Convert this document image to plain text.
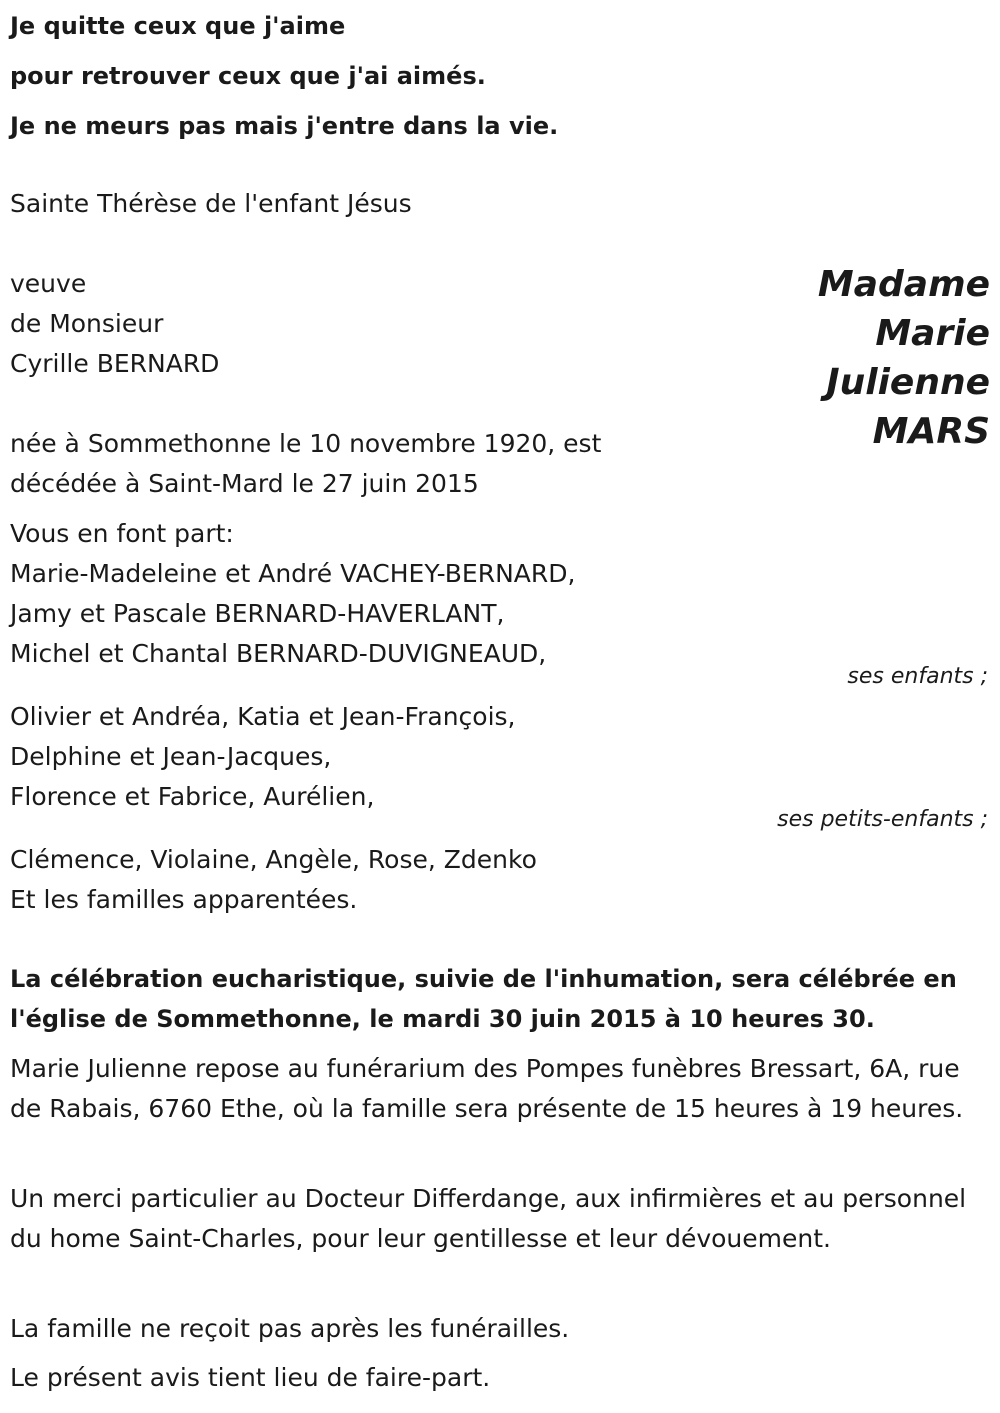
Je quitte ceux que j'aime
pour retrouver ceux que j'ai aimés.
Je ne meurs pas mais j'entre dans la vie.
Sainte Thérèse de l'enfant Jésus
veuve
de Monsieur
Cyrille BERNARD
Madame
Marie
Julienne
MARS
née à Sommethonne le 10 novembre 1920, est
décédée à Saint-Mard le 27 juin 2015
Vous en font part:
Marie-Madeleine et André VACHEY-BERNARD,
Jamy et Pascale BERNARD-HAVERLANT,
Michel et Chantal BERNARD-DUVIGNEAUD,
ses enfants ;
Olivier et Andréa, Katia et Jean-François,
Delphine et Jean-Jacques,
Florence et Fabrice, Aurélien,
ses petits-enfants ;
Clémence, Violaine, Angèle, Rose, Zdenko
Et les familles apparentées.
La célébration eucharistique, suivie de l'inhumation, sera célébrée en l'église de Sommethonne, le mardi 30 juin 2015 à 10 heures 30.
Marie Julienne repose au funérarium des Pompes funèbres Bressart, 6A, rue de Rabais, 6760 Ethe, où la famille sera présente de 15 heures à 19 heures.
Un merci particulier au Docteur Differdange, aux infirmières et au personnel du home Saint-Charles, pour leur gentillesse et leur dévouement.
La famille ne reçoit pas après les funérailles.
Le présent avis tient lieu de faire-part.
